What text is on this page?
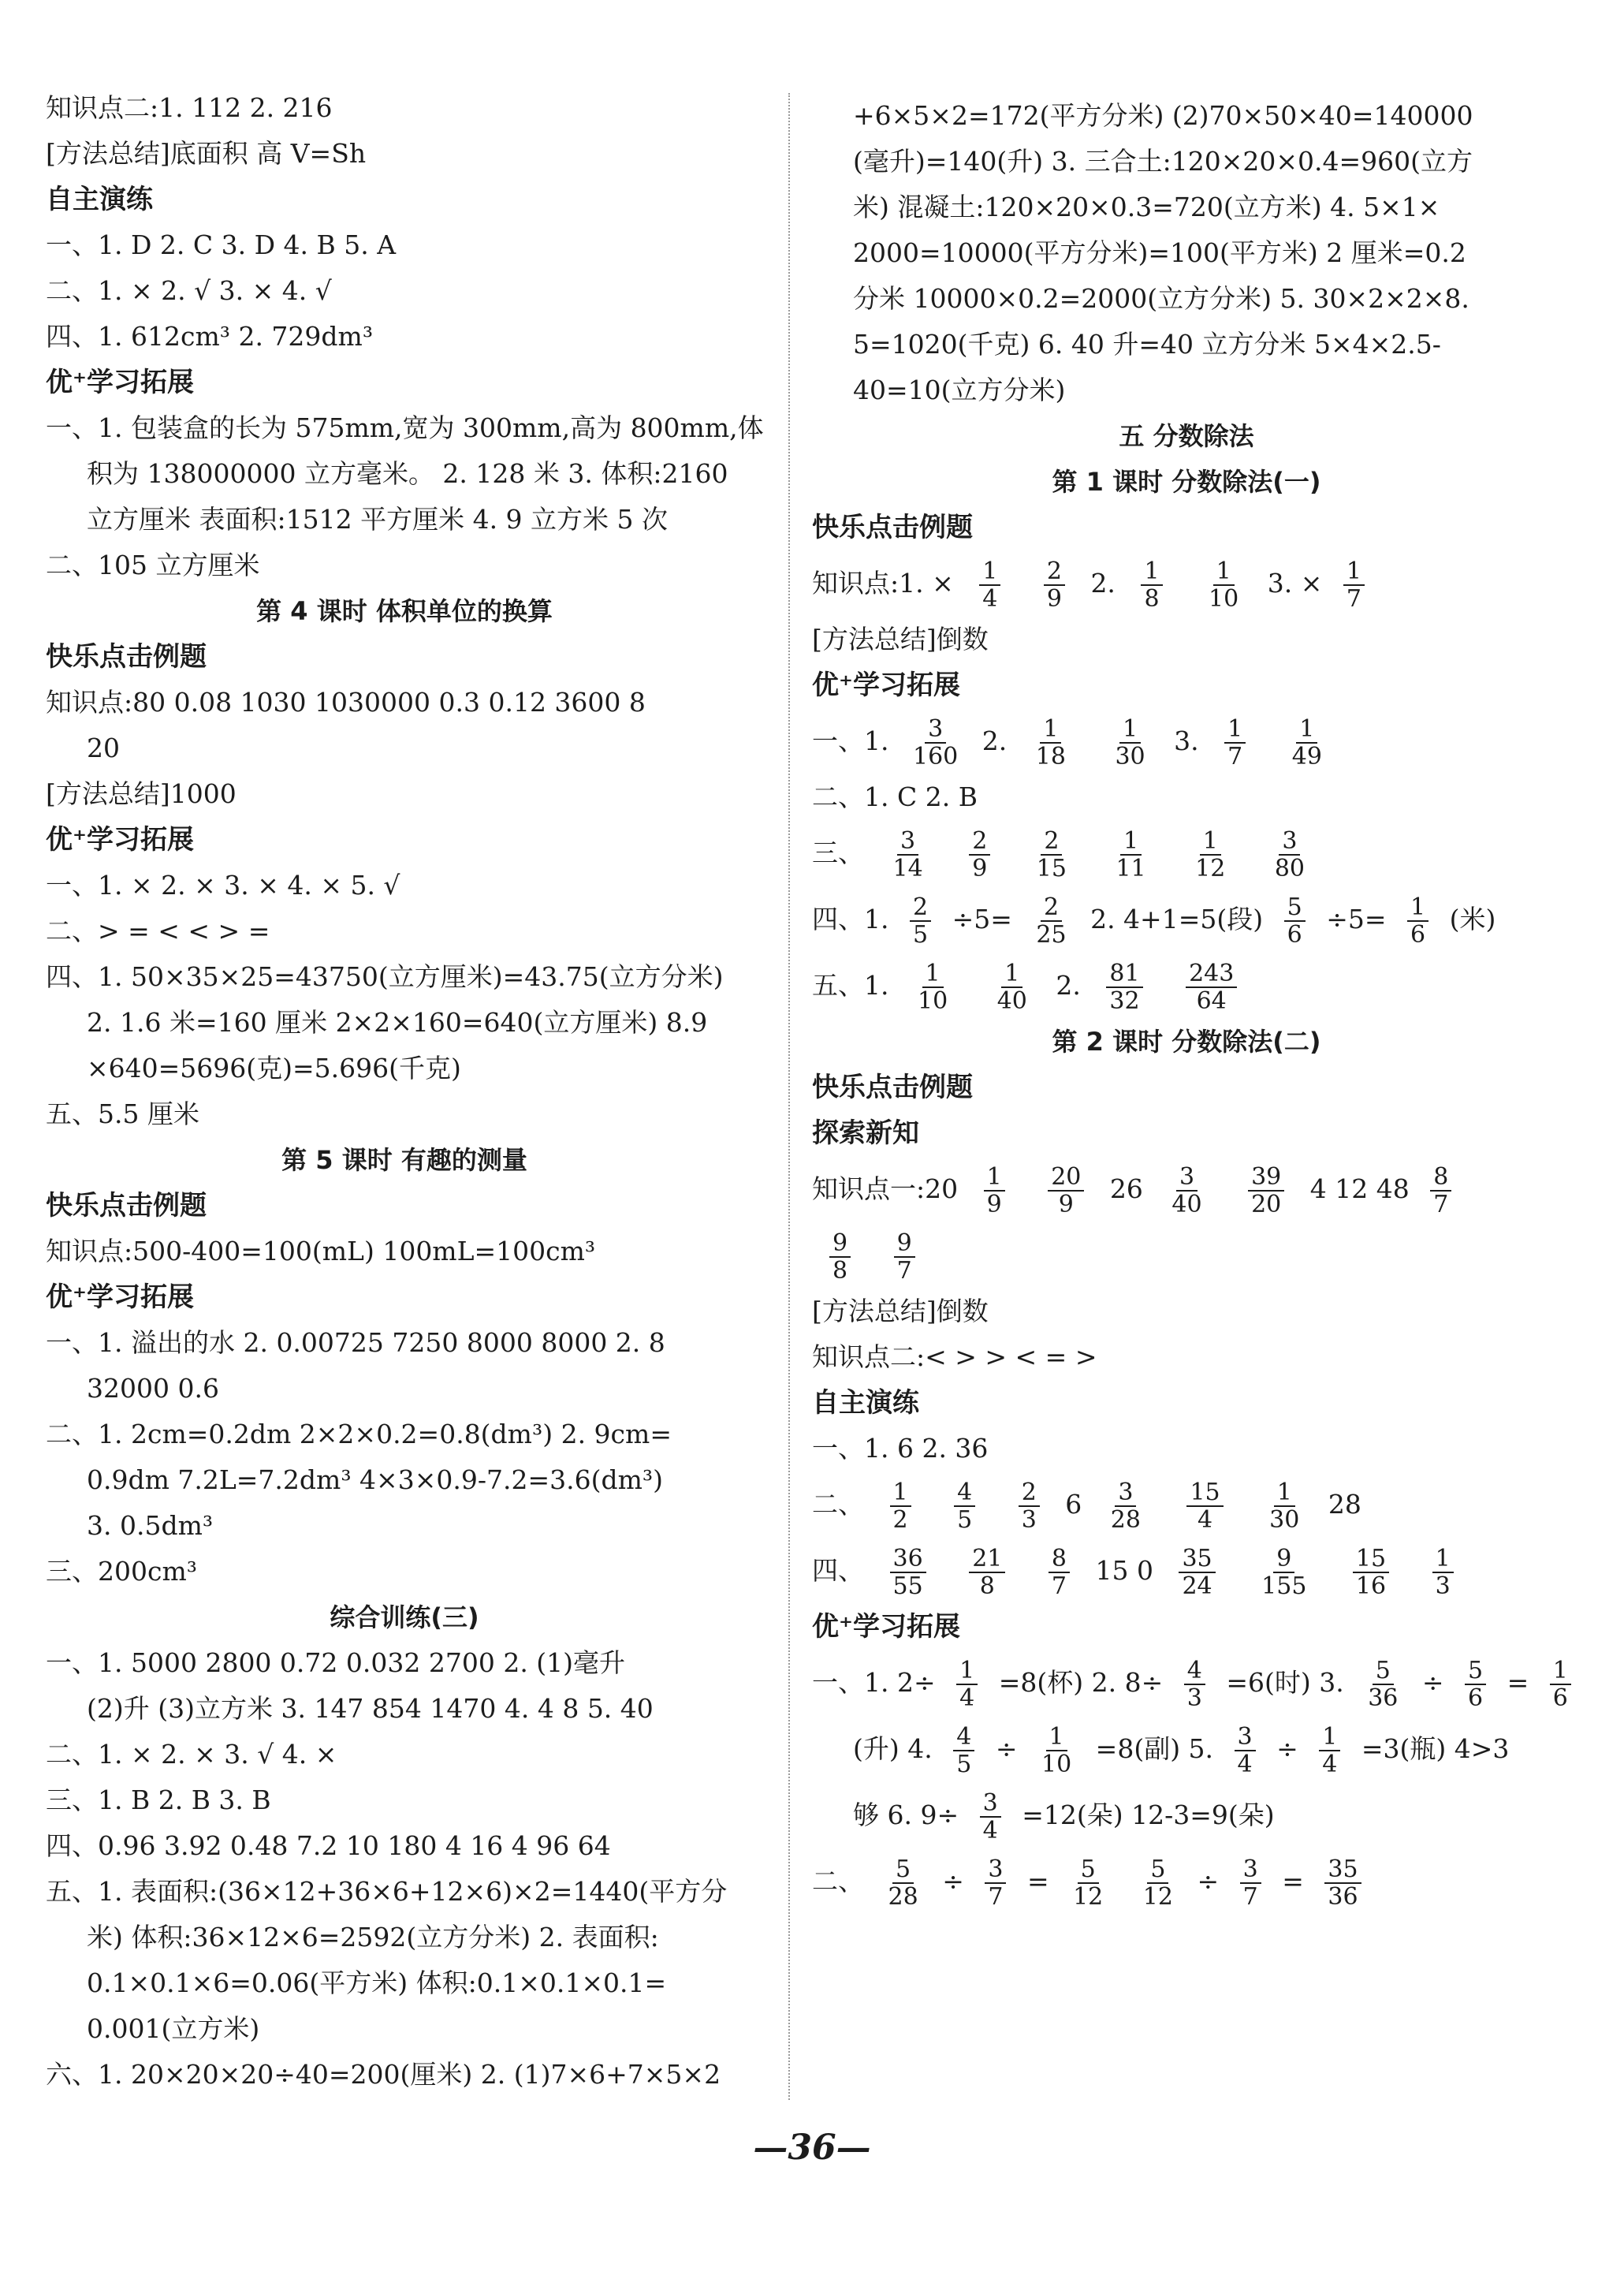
知识点二:1. 112 2. 216
[方法总结]底面积 高 V=Sh
自主演练
一、1. D 2. C 3. D 4. B 5. A
二、1. × 2. √ 3. × 4. √
四、1. 612cm³ 2. 729dm³
优⁺学习拓展
一、1. 包装盒的长为 575mm,宽为 300mm,高为 800mm,体
积为 138000000 立方毫米。 2. 128 米 3. 体积:2160
立方厘米 表面积:1512 平方厘米 4. 9 立方米 5 次
二、105 立方厘米
第 4 课时 体积单位的换算
快乐点击例题
知识点:80 0.08 1030 1030000 0.3 0.12 3600 8
20
[方法总结]1000
优⁺学习拓展
一、1. × 2. × 3. × 4. × 5. √
二、> = < < > =
四、1. 50×35×25=43750(立方厘米)=43.75(立方分米)
2. 1.6 米=160 厘米 2×2×160=640(立方厘米) 8.9
×640=5696(克)=5.696(千克)
五、5.5 厘米
第 5 课时 有趣的测量
快乐点击例题
知识点:500-400=100(mL) 100mL=100cm³
优⁺学习拓展
一、1. 溢出的水 2. 0.00725 7250 8000 8000 2. 8
32000 0.6
二、1. 2cm=0.2dm 2×2×0.2=0.8(dm³) 2. 9cm=
0.9dm 7.2L=7.2dm³ 4×3×0.9-7.2=3.6(dm³)
3. 0.5dm³
三、200cm³
综合训练(三)
一、1. 5000 2800 0.72 0.032 2700 2. (1)毫升
(2)升 (3)立方米 3. 147 854 1470 4. 4 8 5. 40
二、1. × 2. × 3. √ 4. ×
三、1. B 2. B 3. B
四、0.96 3.92 0.48 7.2 10 180 4 16 4 96 64
五、1. 表面积:(36×12+36×6+12×6)×2=1440(平方分
米) 体积:36×12×6=2592(立方分米) 2. 表面积:
0.1×0.1×6=0.06(平方米) 体积:0.1×0.1×0.1=
0.001(立方米)
六、1. 20×20×20÷40=200(厘米) 2. (1)7×6+7×5×2
+6×5×2=172(平方分米) (2)70×50×40=140000
(毫升)=140(升) 3. 三合土:120×20×0.4=960(立方
米) 混凝土:120×20×0.3=720(立方米) 4. 5×1×
2000=10000(平方分米)=100(平方米) 2 厘米=0.2
分米 10000×0.2=2000(立方分米) 5. 30×2×2×8.
5=1020(千克) 6. 40 升=40 立方分米 5×4×2.5-
40=10(立方分米)
五 分数除法
第 1 课时 分数除法(一)
快乐点击例题
知识点:1. × $\frac{1}{4}$
$\frac{2}{9} 2$. $\frac{1}{8}$
$\frac{1}{10} 3$. × $\frac{1}{7}$
[方法总结]倒数
优⁺学习拓展
一、1. $\frac{3}{160} 2$. $\frac{1}{18}$
$\frac{1}{30} 3$. $\frac{1}{7}$
$\frac{1}{49}$
二、1. C 2. B
三、 $\frac{3}{14}$
$\frac{2}{9}$
$\frac{2}{15}$
$\frac{1}{11}$
$\frac{1}{12}$
$\frac{3}{80}$
四、1. $\frac{2}{5} \div 5= \frac{2}{25} 2$. 4+1=5(段) $\frac{5}{6} \div 5= \frac{1}{6}$ (米)
五、1. $\frac{1}{10}$
$\frac{1}{40} 2$. $\frac{81}{32}$
$\frac{243}{64}$
第 2 课时 分数除法(二)
快乐点击例题
探索新知
知识点一:20 $\frac{1}{9}$
$\frac{20}{9} 26 \frac{3}{40}$
$\frac{39}{20} 4$ 12 $48 \frac{8}{7}$
$\frac{9}{8}$
$\frac{9}{7}$
[方法总结]倒数
知识点二:< > > < = >
自主演练
一、1. 6 2. 36
二、 $\frac{1}{2}$
$\frac{4}{5}$
$\frac{2}{3} 6 \frac{3}{28}$
$\frac{15}{4}$
$\frac{1}{30} 28$
四、 $\frac{36}{55}$
$\frac{21}{8}$
$\frac{8}{7} 15$ $0 \frac{35}{24}$
$\frac{9}{155}$
$\frac{15}{16}$
$\frac{1}{3}$
优⁺学习拓展
一、1. $2\div \frac{1}{4} =8$(杯) 2. $8\div \frac{4}{3} =6$(时) 3. $\frac{5}{36} \div \frac{5}{6} = \frac{1}{6}$
(升) 4. $\frac{4}{5} \div \frac{1}{10} =8$(副) 5. $\frac{3}{4} \div \frac{1}{4} =3$(瓶) 4>3
够 6. $9\div \frac{3}{4} =12$(朵) 12-3=9(朵)
二、 $\frac{5}{28} \div \frac{3}{7} = \frac{5}{12}$
$\frac{5}{12} \div \frac{3}{7} = \frac{35}{36}$
—36—
